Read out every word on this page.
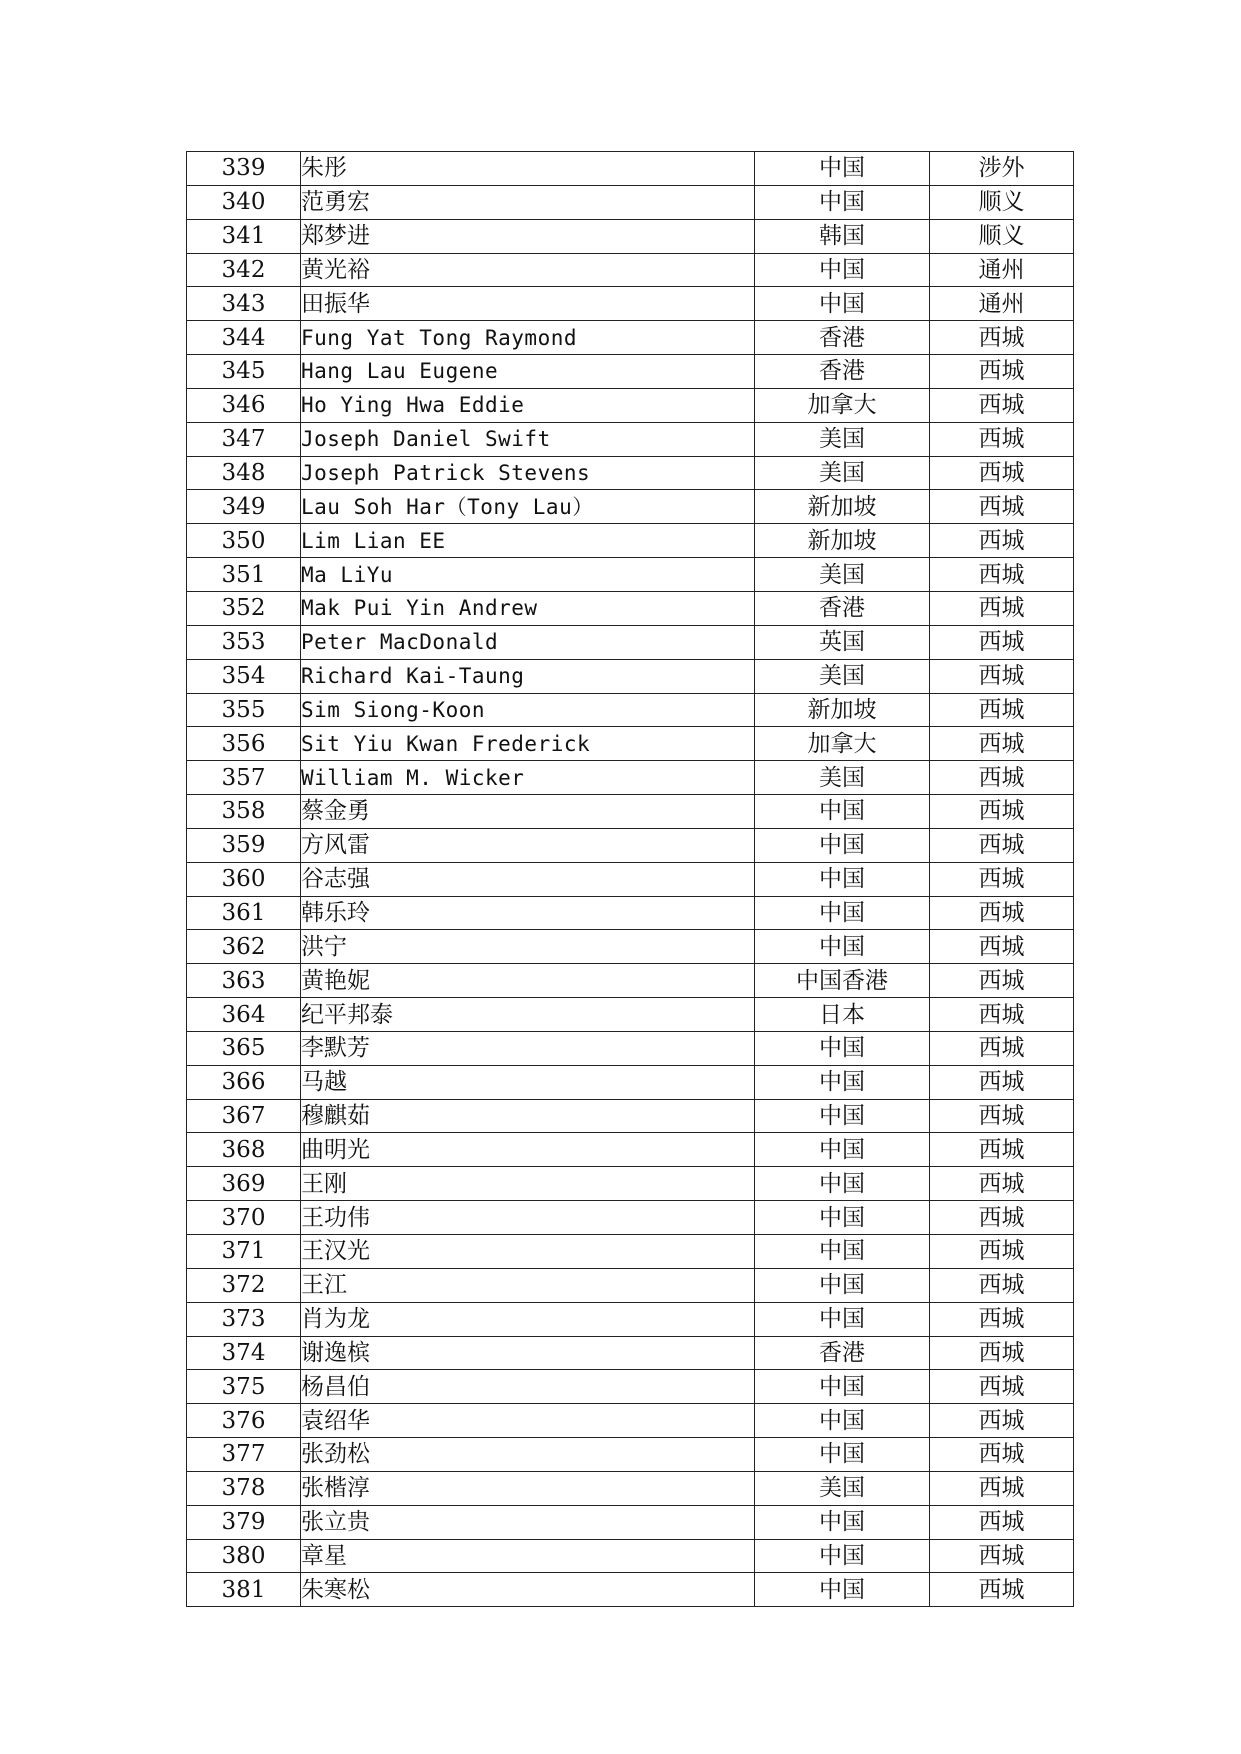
339	朱彤	中国	涉外
340	范勇宏	中国	顺义
341	郑梦进	韩国	顺义
342	黄光裕	中国	通州
343	田振华	中国	通州
344	Fung Yat Tong Raymond	香港	西城
345	Hang Lau Eugene	香港	西城
346	Ho Ying Hwa Eddie	加拿大	西城
347	Joseph Daniel Swift	美国	西城
348	Joseph Patrick Stevens	美国	西城
349	Lau Soh Har（Tony Lau）	新加坡	西城
350	Lim Lian EE	新加坡	西城
351	Ma LiYu	美国	西城
352	Mak Pui Yin Andrew	香港	西城
353	Peter MacDonald	英国	西城
354	Richard Kai-Taung	美国	西城
355	Sim Siong-Koon	新加坡	西城
356	Sit Yiu Kwan Frederick	加拿大	西城
357	William M. Wicker	美国	西城
358	蔡金勇	中国	西城
359	方风雷	中国	西城
360	谷志强	中国	西城
361	韩乐玲	中国	西城
362	洪宁	中国	西城
363	黄艳妮	中国香港	西城
364	纪平邦泰	日本	西城
365	李默芳	中国	西城
366	马越	中国	西城
367	穆麒茹	中国	西城
368	曲明光	中国	西城
369	王刚	中国	西城
370	王功伟	中国	西城
371	王汉光	中国	西城
372	王江	中国	西城
373	肖为龙	中国	西城
374	谢逸槟	香港	西城
375	杨昌伯	中国	西城
376	袁绍华	中国	西城
377	张劲松	中国	西城
378	张楷淳	美国	西城
379	张立贵	中国	西城
380	章星	中国	西城
381	朱寒松	中国	西城
